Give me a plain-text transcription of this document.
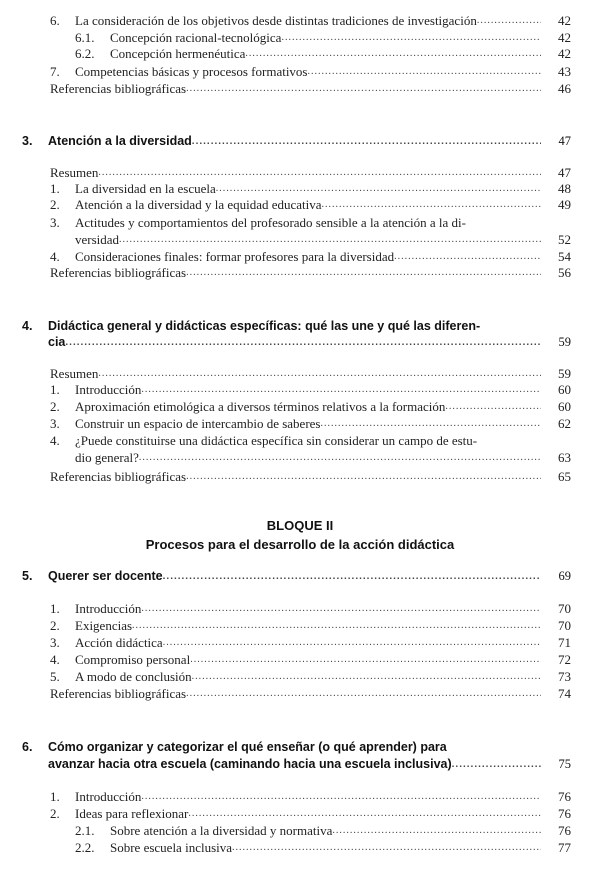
6. La consideración de los objetivos desde distintas tradiciones de investigación .....	42
6.1. Concepción racional-tecnológica .....	42
6.2. Concepción hermenéutica .....	42
7. Competencias básicas y procesos formativos .....	43
Referencias bibliográficas .....	46
3. Atención a la diversidad .....	47
Resumen .....	47
1. La diversidad en la escuela .....	48
2. Atención a la diversidad y la equidad educativa .....	49
3. Actitudes y comportamientos del profesorado sensible a la atención a la di-
versidad .....	52
4. Consideraciones finales: formar profesores para la diversidad .....	54
Referencias bibliográficas .....	56
4. Didáctica general y didácticas específicas: qué las une y qué las diferen-
cia .....	59
Resumen .....	59
1. Introducción .....	60
2. Aproximación etimológica a diversos términos relativos a la formación .....	60
3. Construir un espacio de intercambio de saberes .....	62
4. ¿Puede constituirse una didáctica específica sin considerar un campo de estu-
dio general? .....	63
Referencias bibliográficas .....	65
5. Querer ser docente .....	69
1. Introducción .....	70
2. Exigencias .....	70
3. Acción didáctica .....	71
4. Compromiso personal .....	72
5. A modo de conclusión .....	73
Referencias bibliográficas .....	74
6. Cómo organizar y categorizar el qué enseñar (o qué aprender) para
avanzar hacia otra escuela (caminando hacia una escuela inclusiva) .....	75
1. Introducción .....	76
2. Ideas para reflexionar .....	76
2.1. Sobre atención a la diversidad y normativa .....	76
2.2. Sobre escuela inclusiva .....	77
BLOQUE II
Procesos para el desarrollo de la acción didáctica
